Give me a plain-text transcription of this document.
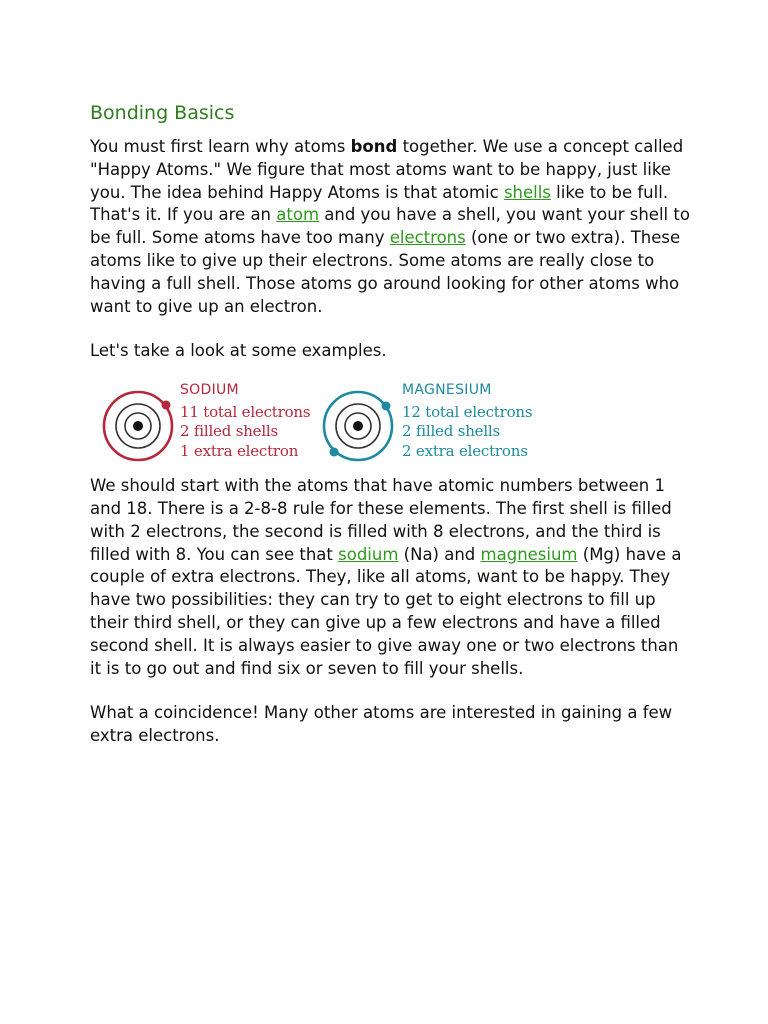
Bonding Basics

You must first learn why atoms bond together. We use a concept called "Happy Atoms." We figure that most atoms want to be happy, just like you. The idea behind Happy Atoms is that atomic shells like to be full. That's it. If you are an atom and you have a shell, you want your shell to be full. Some atoms have too many electrons (one or two extra). These atoms like to give up their electrons. Some atoms are really close to having a full shell. Those atoms go around looking for other atoms who want to give up an electron.

Let's take a look at some examples.

SODIUM
11 total electrons
2 filled shells
1 extra electron
MAGNESIUM
12 total electrons
2 filled shells
2 extra electrons

We should start with the atoms that have atomic numbers between 1 and 18. There is a 2-8-8 rule for these elements. The first shell is filled with 2 electrons, the second is filled with 8 electrons, and the third is filled with 8. You can see that sodium (Na) and magnesium (Mg) have a couple of extra electrons. They, like all atoms, want to be happy. They have two possibilities: they can try to get to eight electrons to fill up their third shell, or they can give up a few electrons and have a filled second shell. It is always easier to give away one or two electrons than it is to go out and find six or seven to fill your shells.

What a coincidence! Many other atoms are interested in gaining a few extra electrons.
